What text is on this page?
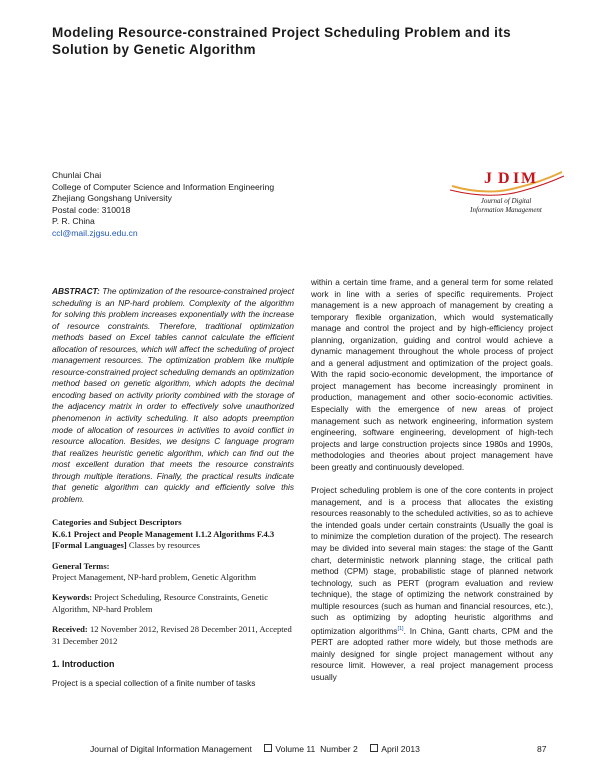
Modeling Resource-constrained Project Scheduling Problem and its Solution by Genetic Algorithm
Chunlai Chai
College of Computer Science and Information Engineering
Zhejiang Gongshang University
Postal code: 310018
P. R. China
ccl@mail.zjgsu.edu.cn
J D I M
Journal of Digital
Information Management
ABSTRACT: The optimization of the resource-constrained project scheduling is an NP-hard problem. Complexity of the algorithm for solving this problem increases exponentially with the increase of resource constraints. Therefore, traditional optimization methods based on Excel tables cannot calculate the efficient allocation of resources, which will affect the scheduling of project management resources. The optimization problem like multiple resource-constrained project scheduling demands an optimization method based on genetic algorithm, which adopts the decimal encoding based on activity priority combined with the storage of the adjacency matrix in order to effectively solve unauthorized phenomenon in activity scheduling. It also adopts preemption mode of allocation of resources in activities to avoid conflict in resource allocation. Besides, we designs C language program that realizes heuristic genetic algorithm, which can find out the most excellent duration that meets the resource constraints through multiple iterations. Finally, the practical results indicate that genetic algorithm can quickly and efficiently solve this problem.
Categories and Subject Descriptors
K.6.1 Project and People Management I.1.2 Algorithms F.4.3 [Formal Languages] Classes by resources
General Terms:
Project Management, NP-hard problem, Genetic Algorithm
Keywords: Project Scheduling, Resource Constraints, Genetic Algorithm, NP-hard Problem
Received: 12 November 2012, Revised 28 December 2011, Accepted 31 December 2012
1. Introduction
Project is a special collection of a finite number of tasks
within a certain time frame, and a general term for some related work in line with a series of specific requirements. Project management is a new approach of management by creating a temporary flexible organization, which would systematically manage and control the project and by high-efficiency project planning, organization, guiding and control would achieve a dynamic management throughout the whole process of project and a general adjustment and optimization of the project goals. With the rapid socio-economic development, the importance of project management has become increasingly prominent in production, management and other socio-economic activities. Especially with the emergence of new areas of project management such as network engineering, information system engineering, software engineering, development of high-tech projects and large construction projects since 1980s and 1990s, methodologies and theories about project management have been greatly and continuously developed.
Project scheduling problem is one of the core contents in project management, and is a process that allocates the existing resources reasonably to the scheduled activities, so as to achieve the intended goals under certain constraints (Usually the goal is to minimize the completion duration of the project). The research may be divided into several main stages: the stage of the Gantt chart, deterministic network planning stage, the critical path method (CPM) stage, probabilistic stage of planned network technology, such as PERT (program evaluation and review technique), the stage of optimizing the network constrained by multiple resources (such as human and financial resources, etc.), such as optimizing by adopting heuristic algorithms and optimization algorithms[1]. In China, Gantt charts, CPM and the PERT are adopted rather more widely, but those methods are mainly designed for single project management without any resource limit. However, a real project management process usually
Journal of Digital Information Management	Volume 11 Number 2	April 2013	87
